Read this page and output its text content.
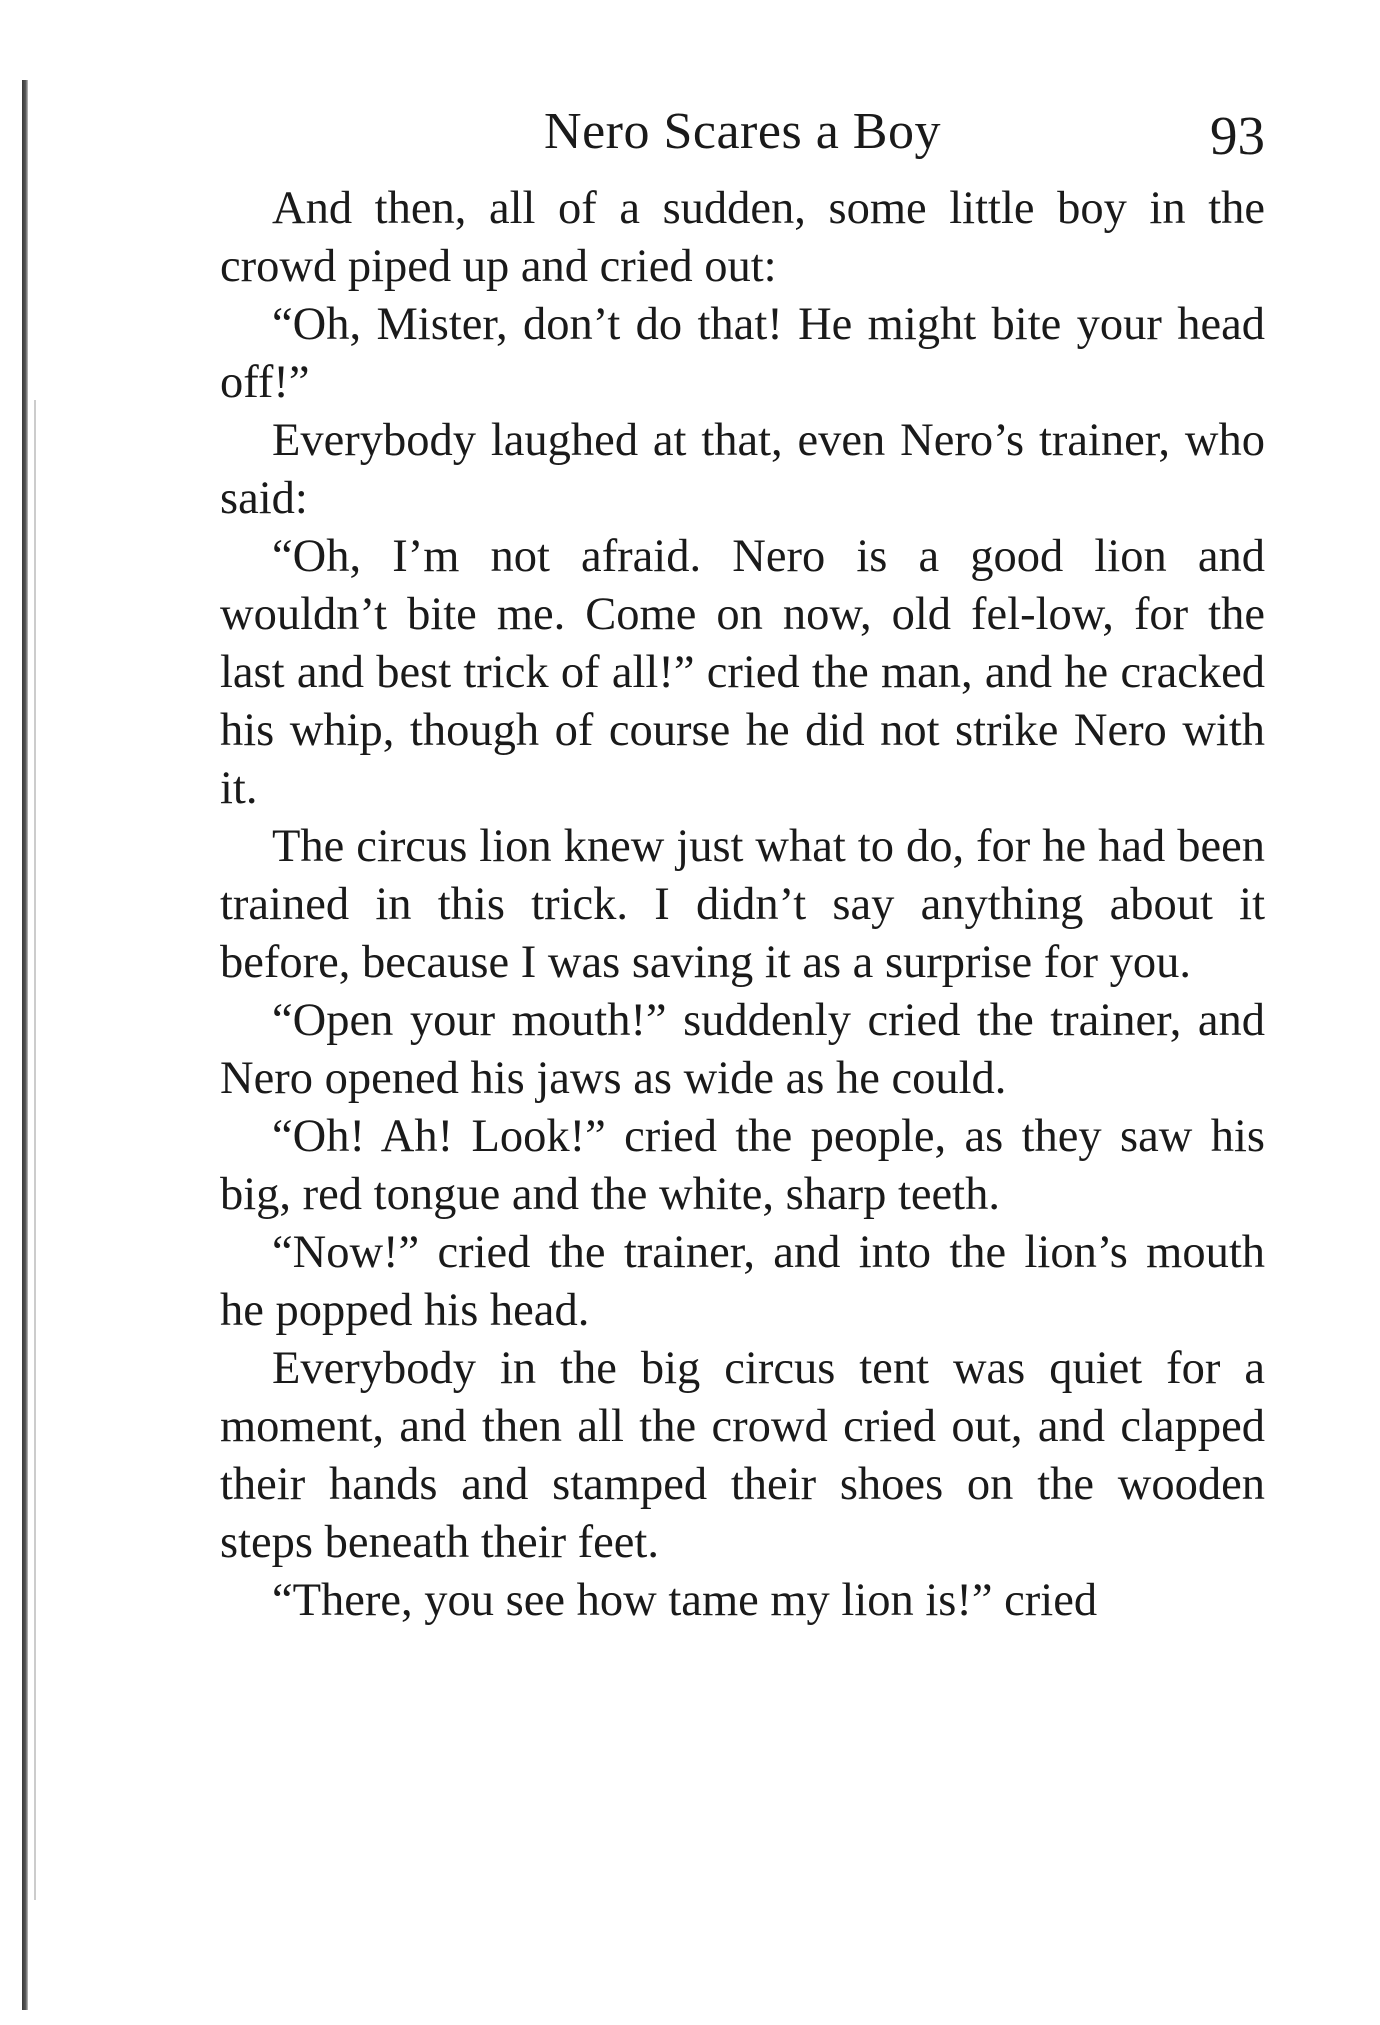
Nero Scares a Boy	93

And then, all of a sudden, some little boy in the crowd piped up and cried out:

“Oh, Mister, don’t do that! He might bite your head off!”

Everybody laughed at that, even Nero’s trainer, who said:

“Oh, I’m not afraid. Nero is a good lion and wouldn’t bite me. Come on now, old fel-low, for the last and best trick of all!” cried the man, and he cracked his whip, though of course he did not strike Nero with it.

The circus lion knew just what to do, for he had been trained in this trick. I didn’t say anything about it before, because I was saving it as a surprise for you.

“Open your mouth!” suddenly cried the trainer, and Nero opened his jaws as wide as he could.

“Oh! Ah! Look!” cried the people, as they saw his big, red tongue and the white, sharp teeth.

“Now!” cried the trainer, and into the lion’s mouth he popped his head.

Everybody in the big circus tent was quiet for a moment, and then all the crowd cried out, and clapped their hands and stamped their shoes on the wooden steps beneath their feet.

“There, you see how tame my lion is!” cried
